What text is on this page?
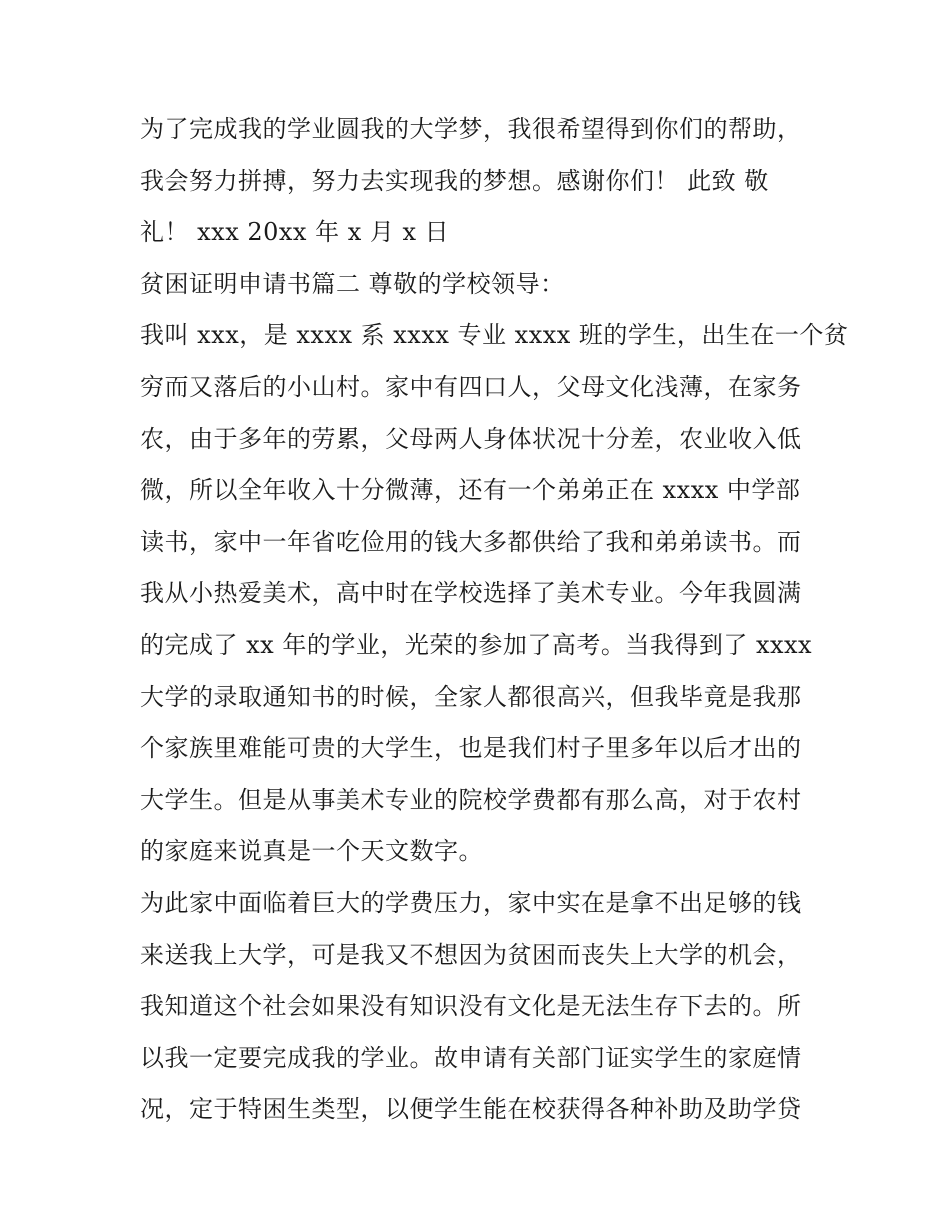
为了完成我的学业圆我的大学梦，我很希望得到你们的帮助，
我会努力拼搏，努力去实现我的梦想。感谢你们！ 此致 敬
礼！ xxx 20xx 年 x 月 x 日
贫困证明申请书篇二 尊敬的学校领导：
我叫 xxx，是 xxxx 系 xxxx 专业 xxxx 班的学生，出生在一个贫
穷而又落后的小山村。家中有四口人，父母文化浅薄，在家务
农，由于多年的劳累，父母两人身体状况十分差，农业收入低
微，所以全年收入十分微薄，还有一个弟弟正在 xxxx 中学部
读书，家中一年省吃俭用的钱大多都供给了我和弟弟读书。而
我从小热爱美术，高中时在学校选择了美术专业。今年我圆满
的完成了 xx 年的学业，光荣的参加了高考。当我得到了 xxxx
大学的录取通知书的时候，全家人都很高兴，但我毕竟是我那
个家族里难能可贵的大学生，也是我们村子里多年以后才出的
大学生。但是从事美术专业的院校学费都有那么高，对于农村
的家庭来说真是一个天文数字。
为此家中面临着巨大的学费压力，家中实在是拿不出足够的钱
来送我上大学，可是我又不想因为贫困而丧失上大学的机会，
我知道这个社会如果没有知识没有文化是无法生存下去的。所
以我一定要完成我的学业。故申请有关部门证实学生的家庭情
况，定于特困生类型，以便学生能在校获得各种补助及助学贷
